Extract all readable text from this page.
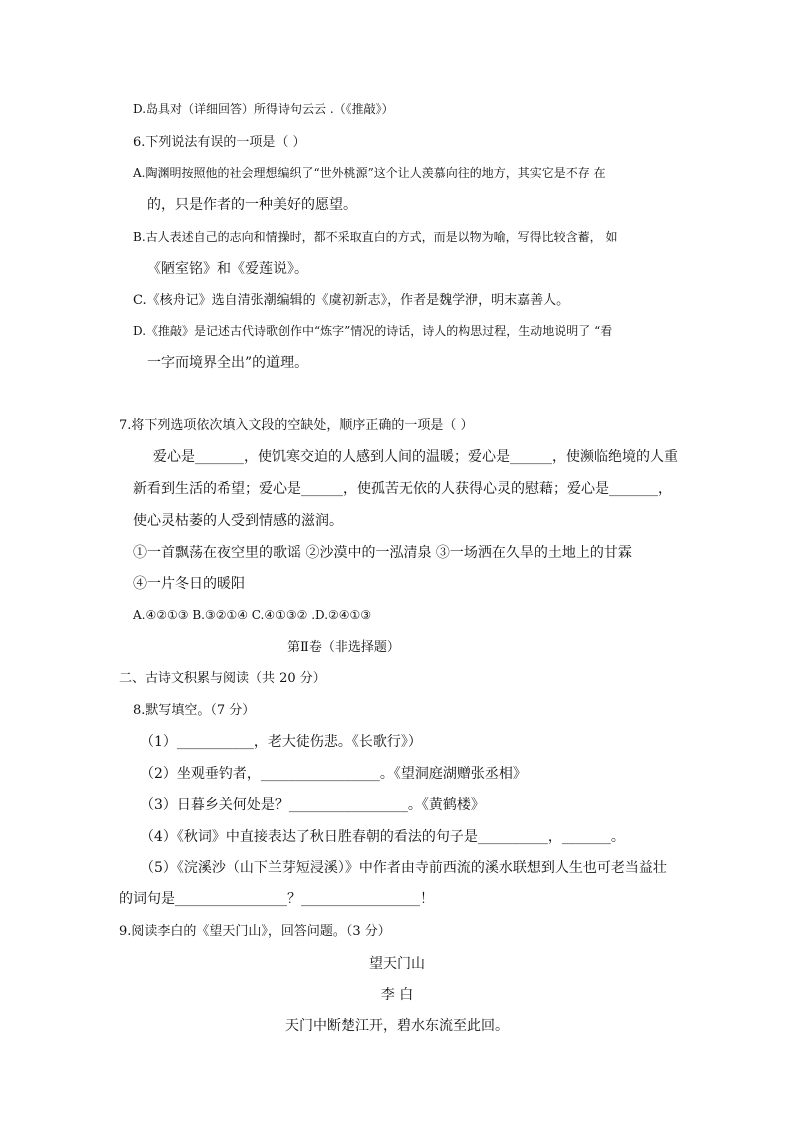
D.岛具对（详细回答）所得诗句云云 .（《推敲》）
6.下列说法有误的一项是（ ）
A.陶渊明按照他的社会理想编织了“世外桃源”这个让人羡慕向往的地方，其实它是不存 在
的，只是作者的一种美好的愿望。
B.古人表述自己的志向和情操时，都不采取直白的方式，而是以物为喻，写得比较含蓄， 如
《陋室铭》和《爱莲说》。
C.《核舟记》选自清张潮编辑的《虞初新志》，作者是魏学洢，明末嘉善人。
D.《推敲》是记述古代诗歌创作中“炼字”情况的诗话，诗人的构思过程，生动地说明了 “看
一字而境界全出”的道理。
7.将下列选项依次填入文段的空缺处，顺序正确的一项是（ ）
爱心是_______，使饥寒交迫的人感到人间的温暖；爱心是______，使濒临绝境的人重
新看到生活的希望；爱心是______，使孤苦无依的人获得心灵的慰藉；爱心是_______，
使心灵枯萎的人受到情感的滋润。
①一首飘荡在夜空里的歌谣 ②沙漠中的一泓清泉 ③一场洒在久旱的土地上的甘霖
④一片冬日的暖阳
A.④②①③ B.③②①④ C.④①③② .D.②④①③
第Ⅱ卷（非选择题）
二、古诗文积累与阅读（共 20 分）
8.默写填空。（7 分）
（1）___________，老大徒伤悲。《长歌行》）
（2）坐观垂钓者，_________________。《望洞庭湖赠张丞相》
（3）日暮乡关何处是？_________________。《黄鹤楼》
（4）《秋词》中直接表达了秋日胜春朝的看法的句子是__________，_______。
（5）《浣溪沙（山下兰芽短浸溪）》中作者由寺前西流的溪水联想到人生也可老当益壮
的词句是________________？_________________！
9.阅读李白的《望天门山》，回答问题。（3 分）
望天门山
李 白
天门中断楚江开，碧水东流至此回。
